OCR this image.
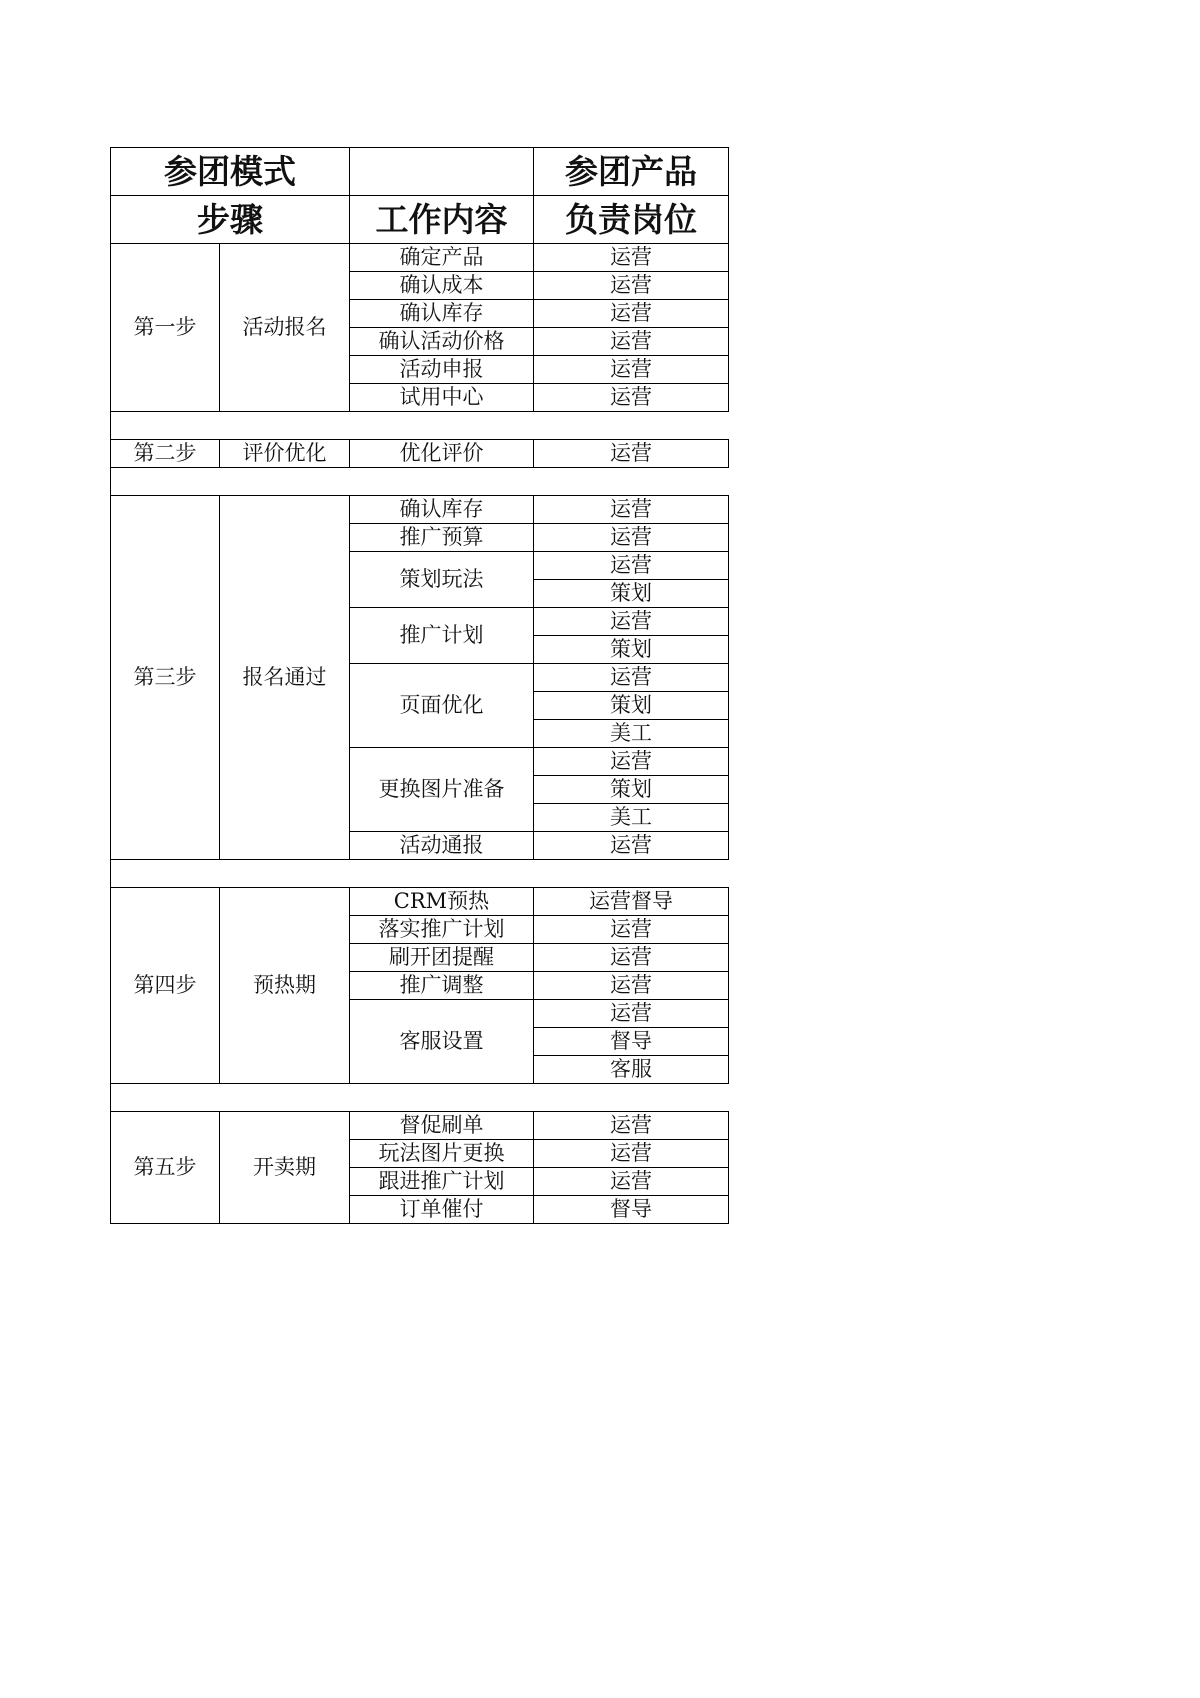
参团模式			参团产品
步骤		工作内容	负责岗位
第一步	活动报名	确定产品	运营
		确认成本	运营
		确认库存	运营
		确认活动价格	运营
		活动申报	运营
		试用中心	运营

第二步	评价优化	优化评价	运营

第三步	报名通过	确认库存	运营
		推广预算	运营

		策划玩法	运营
			策划
		推广计划	运营

			策划
		页面优化	运营

			策划
			美工

		更换图片准备	运营

			策划
			美工
		活动通报	运营

第四步	预热期	CRM预热	运营督导
		落实推广计划	运营
		刷开团提醒	运营

		推广调整	运营
		客服设置	运营
			督导
			客服

第五步	开卖期	督促刷单	运营
		玩法图片更换	运营
		跟进推广计划	运营
		订单催付	督导
